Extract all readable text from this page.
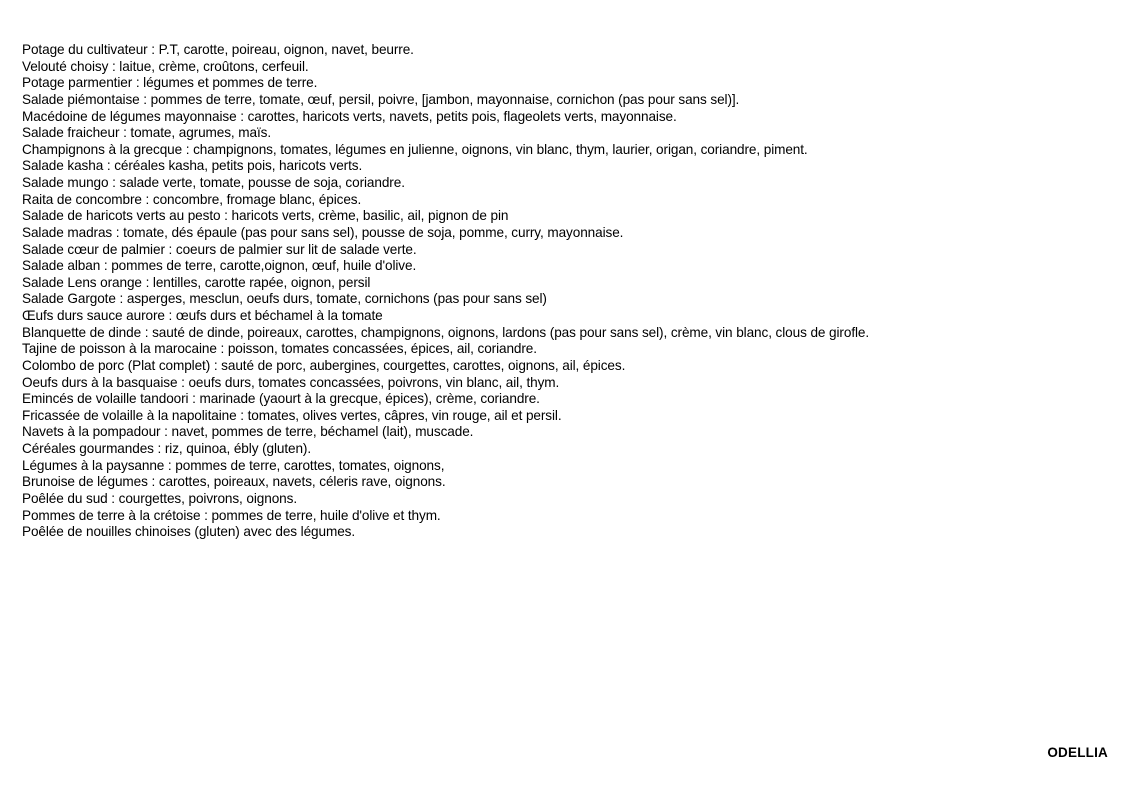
Potage du cultivateur : P.T, carotte, poireau, oignon, navet, beurre.
Velouté choisy : laitue, crème, croûtons, cerfeuil.
Potage parmentier : légumes et pommes de terre.
Salade piémontaise : pommes de terre, tomate, œuf, persil, poivre, [jambon, mayonnaise, cornichon (pas pour sans sel)].
Macédoine de légumes mayonnaise : carottes, haricots verts, navets, petits pois, flageolets verts, mayonnaise.
Salade fraicheur : tomate, agrumes, maïs.
Champignons à la grecque : champignons, tomates, légumes en julienne, oignons, vin blanc, thym, laurier, origan, coriandre, piment.
Salade kasha : céréales kasha, petits pois, haricots verts.
Salade mungo : salade verte, tomate, pousse de soja, coriandre.
Raita de concombre : concombre, fromage blanc, épices.
Salade de haricots verts au pesto : haricots verts, crème, basilic, ail, pignon de pin
Salade madras : tomate, dés épaule (pas pour sans sel), pousse de soja, pomme, curry, mayonnaise.
Salade cœur de palmier : coeurs de palmier sur lit de salade verte.
Salade alban : pommes de terre, carotte,oignon, œuf, huile d'olive.
Salade Lens orange : lentilles, carotte rapée, oignon, persil
Salade Gargote : asperges, mesclun, oeufs durs, tomate, cornichons (pas pour sans sel)
Œufs durs sauce aurore : œufs durs et béchamel à la tomate
Blanquette de dinde : sauté de dinde, poireaux, carottes, champignons, oignons, lardons (pas pour sans sel), crème, vin blanc, clous de girofle.
Tajine de poisson à la marocaine : poisson, tomates concassées, épices, ail, coriandre.
Colombo de porc (Plat complet) : sauté de porc, aubergines, courgettes, carottes, oignons, ail, épices.
Oeufs durs à la basquaise : oeufs durs, tomates concassées, poivrons, vin blanc, ail, thym.
Emincés de volaille tandoori : marinade (yaourt à la grecque, épices), crème, coriandre.
Fricassée de volaille à la napolitaine : tomates, olives vertes, câpres, vin rouge, ail et persil.
Navets à la pompadour : navet, pommes de terre, béchamel (lait), muscade.
Céréales gourmandes : riz, quinoa, ébly (gluten).
Légumes à la paysanne : pommes de terre, carottes, tomates, oignons,
Brunoise de légumes : carottes, poireaux, navets, céleris rave, oignons.
Poêlée du sud : courgettes, poivrons, oignons.
Pommes de terre à la crétoise : pommes de terre, huile d'olive et thym.
Poêlée de nouilles chinoises (gluten) avec des légumes.
ODELLIA
